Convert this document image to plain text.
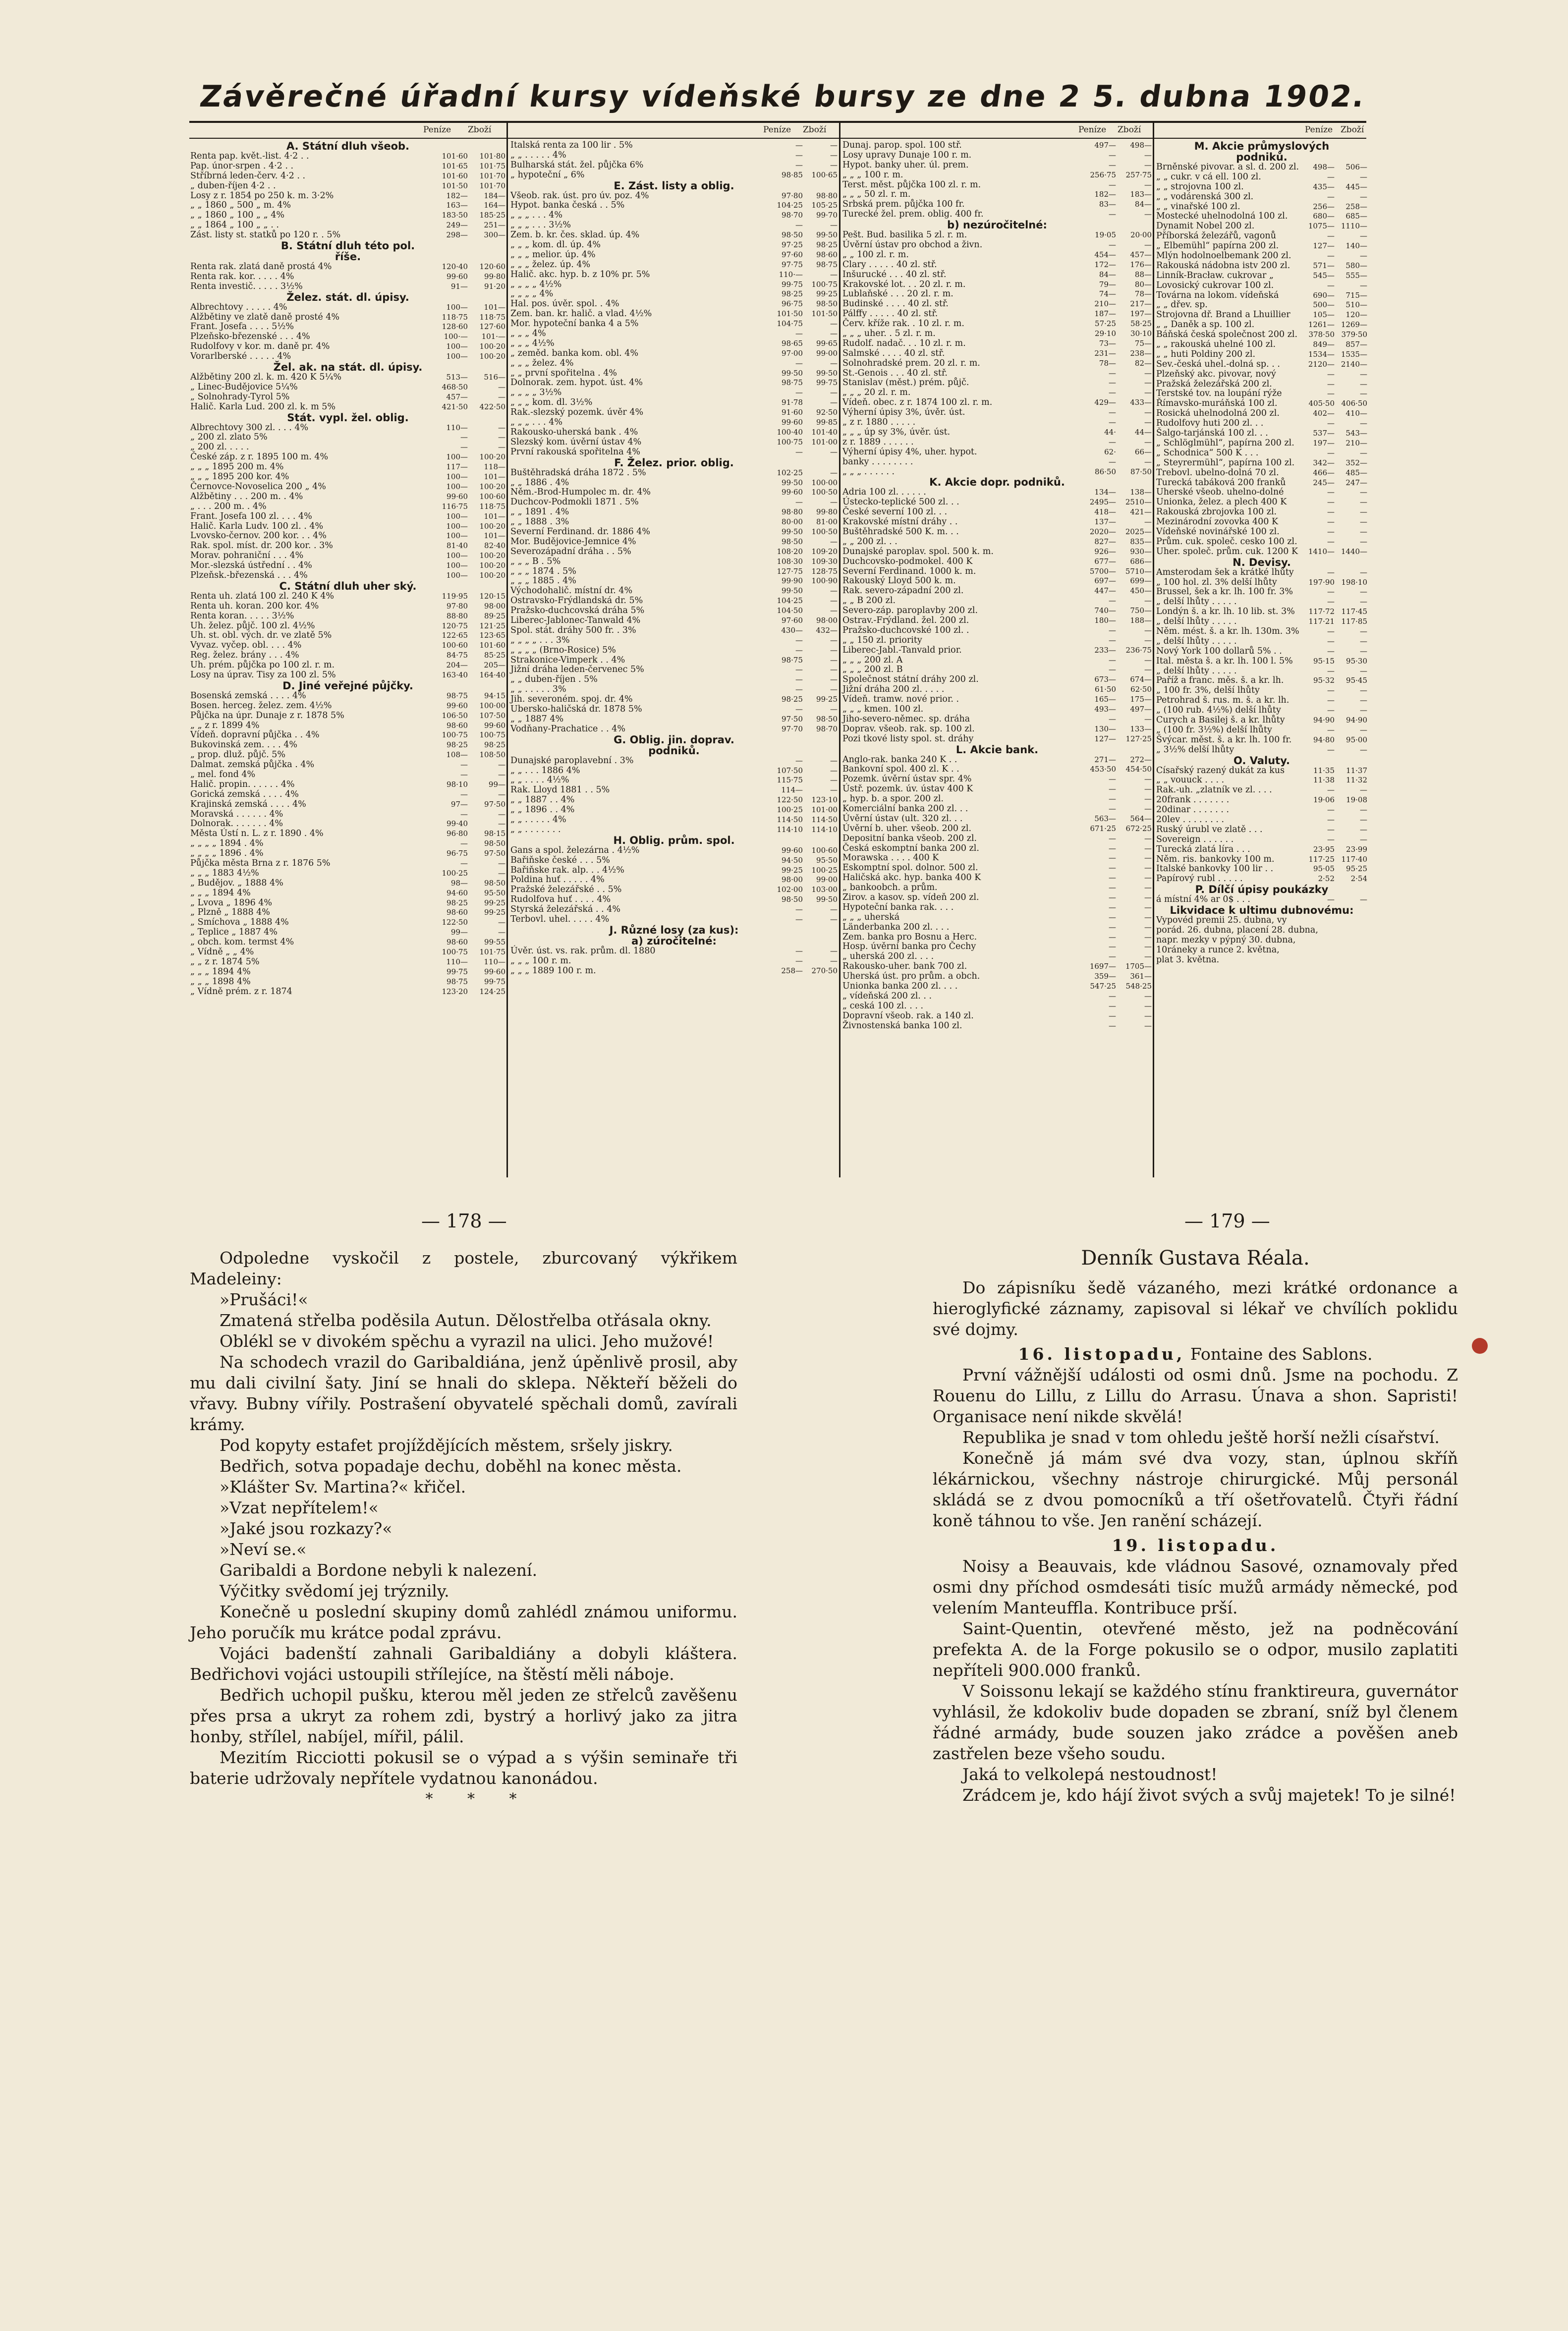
Závěrečné úřadní kursy vídeňské bursy ze dne 2 5. dubna 1902.
Peníze Zboží	Peníze Zboží	Peníze Zboží	Peníze Zboží
A. Státní dluh všeob.
Renta pap. květ.-list. 4·2 . .	101·60	101·80
Pap. únor-srpen . 4·2 . .	101·65	101·75
Stříbrná leden-červ. 4·2 . .	101·60	101·70
„ duben-říjen 4·2 . .	101·50	101·70
Losy z r. 1854 po 250 k. m. 3·2%	182—	184—
„ „ 1860 „ 500 „ m. 4%	163—	164—
„ „ 1860 „ 100 „ „ 4%	183·50	185·25
„ „ 1864 „ 100 „ „ . .	249—	251—
Zást. listy st. statků po 120 r. . 5%	298—	300—
B. Státní dluh této pol.
říše.
Renta rak. zlatá daně prostá 4%	120·40	120·60
Renta rak. kor. . . . . 4%	99·60	99·80
Renta investič. . . . . 3½%	91—	91·20
Želez. stát. dl. úpisy.
Albrechtovy . . . . . 4%	100—	101—
Alžbětiny ve zlatě daně prosté 4%	118·75	118·75
Frant. Josefa . . . . 5½%	128·60	127·60
Plzeňsko-březenské . . . 4%	100·—	101·—
Rudolfovy v kor. m. daně pr. 4%	100—	100·20
Vorarlberské . . . . . 4%	100—	100·20
Žel. ak. na stát. dl. úpisy.
Alžbětiny 200 zl. k. m. 420 K 5¼%	513—	516—
„ Linec-Budějovice 5¼%	468·50	—
„ Solnohrady-Tyrol 5%	457—	—
Halič. Karla Lud. 200 zl. k. m 5%	421·50	422·50
Stát. vypl. žel. oblig.
Albrechtovy 300 zl. . . . 4%	110—	—
„ 200 zl. zlato 5%	—	—
„ 200 zl. . . . .	—	—
České záp. z r. 1895 100 m. 4%	100—	100·20
„ „ „ 1895 200 m. 4%	117—	118—
„ „ „ 1895 200 kor. 4%	100—	101—
Černovce-Novoselica 200 „ 4%	100—	100·20
Alžbětiny . . . 200 m. . 4%	99·60	100·60
„ . . . 200 m. . 4%	116·75	118·75
Frant. Josefa 100 zl. . . . 4%	100—	101—
Halič. Karla Ludv. 100 zl. . 4%	100—	100·20
Lvovsko-černov. 200 kor. . . 4%	100—	101—
Rak. spol. míst. dr. 200 kor. . 3%	81·40	82·40
Morav. pohraniční . . . 4%	100—	100·20
Mor.-slezská ústřední . . 4%	100—	100·20
Plzeňsk.-březenská . . . 4%	100—	100·20
C. Státní dluh uher ský.
Renta uh. zlatá 100 zl. 240 K 4%	119·95	120·15
Renta uh. koran. 200 kor. 4%	97·80	98·00
Renta koran. . . . . 3½%	88·80	89·25
Uh. želez. půjč. 100 zl. 4½%	120·75	121·25
Uh. st. obl. vých. dr. ve zlatě 5%	122·65	123·65
Vyvaz. vyčep. obl. . . . 4%	100·60	101·60
Reg. želez. brány . . . 4%	84·75	85·25
Uh. prém. půjčka po 100 zl. r. m.	204—	205—
Losy na úprav. Tisy za 100 zl. 5%	163·40	164·40
D. Jiné veřejné půjčky.
Bosenská zemská . . . . 4%	98·75	94·15
Bosen. herceg. želez. zem. 4½%	99·60	100·00
Půjčka na úpr. Dunaje z r. 1878 5%	106·50	107·50
„ „ z r. 1899 4%	98·60	99·60
Vídeň. dopravní půjčka . . 4%	100·75	100·75
Bukovinská zem. . . . 4%	98·25	98·25
„ prop. dluž. půjč. 5%	108—	108·50
Dalmat. zemská půjčka . 4%	—	—
„ mel. fond 4%	—	—
Halič. propin. . . . . . 4%	98·10	99—
Gorická zemská . . . . 4%	—	—
Krajinská zemská . . . . 4%	97—	97·50
Moravská . . . . . . 4%	—	—
Dolnorak. . . . . . . 4%	99·40	—
Města Ústí n. L. z r. 1890 . 4%	96·80	98·15
„ „ „ „ 1894 . 4%	—	98·50
„ „ „ „ 1896 . 4%	96·75	97·50
Půjčka města Brna z r. 1876 5%	—	—
„ „ „ 1883 4½%	100·25	—
„ Budějov. „ 1888 4%	98—	98·50
„ „ „ 1894 4%	94·60	95·50
„ Lvova „ 1896 4%	98·25	99·25
„ Plzně „ 1888 4%	98·60	99·25
„ Smíchova „ 1888 4%	122·50	—
„ Teplice „ 1887 4%	99—	—
„ obch. kom. termst 4%	98·60	99·55
„ Vídně „ „ 4%	100·75	101·75
„ „ z r. 1874 5%	110—	110—
„ „ „ 1894 4%	99·75	99·60
„ „ „ 1898 4%	98·75	99·75
„ Vídně prém. z r. 1874	123·20	124·25
Italská renta za 100 lir . 5%	—	—
„ „ . . . . . 4%	—	—
Bulharská stát. žel. půjčka 6%	—	—
„ hypoteční „ 6%	98·85	100·65
E. Zást. listy a oblig.
Všeob. rak. úst. pro úv. poz. 4%	97·80	98·80
Hypot. banka česká . . 5%	104·25	105·25
„ „ „ . . . 4%	98·70	99·70
„ „ „ . . . 3½%	—	—
Zem. b. kr. čes. sklad. úp. 4%	98·50	99·50
„ „ „ kom. dl. úp. 4%	97·25	98·25
„ „ „ melior. úp. 4%	97·60	98·60
„ „ „ želez. úp. 4%	97·75	98·75
Halič. akc. hyp. b. z 10% pr. 5%	110·—	—
„ „ „ „ 4½%	99·75	100·75
„ „ „ „ 4%	98·25	99·25
Hal. pos. úvěr. spol. . 4%	96·75	98·50
Zem. ban. kr. halič. a vlad. 4½%	101·50	101·50
Mor. hypoteční banka 4 a 5%	104·75	—
„ „ „ 4%	—	—
„ „ „ 4½%	98·65	99·65
„ zeměd. banka kom. obl. 4%	97·00	99·00
„ „ „ želez. 4%	—	—
„ „ první spořitelna . 4%	99·50	99·50
Dolnorak. zem. hypot. úst. 4%	98·75	99·75
„ „ „ „ 3½%	—	—
„ „ „ kom. dl. 3½%	91·78	—
Rak.-slezský pozemk. úvěr 4%	91·60	92·50
„ „ „ . . . 4%	99·60	99·85
Rakousko-uherská bank . 4%	100·40	101·40
Slezský kom. úvěrní ústav 4%	100·75	101·00
První rakouská spořitelna 4%	—	—
F. Želez. prior. oblig.
Buštěhradská dráha 1872 . 5%	102·25	—
„ „ 1886 . 4%	99·50	100·00
Něm.-Brod-Humpolec m. dr. 4%	99·60	100·50
Duchcov-Podmokli 1871 . 5%	—	—
„ „ 1891 . 4%	98·80	99·80
„ „ 1888 . 3%	80·00	81·00
Severní Ferdinand. dr. 1886 4%	99·50	100·50
Mor. Budějovice-Jemnice 4%	98·50	—
Severozápadní dráha . . 5%	108·20	109·20
„ „ „ B . 5%	108·30	109·30
„ „ „ 1874 . 5%	127·75	128·75
„ „ „ 1885 . 4%	99·90	100·90
Východohalič. místní dr. 4%	99·50	—
Ostravsko-Frýdlandská dr. 5%	104·25	—
Pražsko-duchcovská dráha 5%	104·50	—
Liberec-Jablonec-Tanwald 4%	97·60	98·00
Spol. stát. dráhy 500 fr. . 3%	430—	432—
„ „ „ „ . . . 3%	—	—
„ „ „ „ (Brno-Rosice) 5%	—	—
Strakonice-Vimperk . . 4%	98·75	—
Jižní dráha leden-červenec 5%	—	—
„ „ duben-říjen . 5%	—	—
„ „ . . . . . 3%	—	—
Jih. severoném. spoj. dr. 4%	98·25	99·25
Ubersko-haličská dr. 1878 5%	—	—
„ „ 1887 4%	97·50	98·50
Vodňany-Prachatice . . 4%	97·70	98·70
G. Oblig. jin. doprav.
podniků.
Dunajské paroplavební . 3%	—	—
„ „ . . . 1886 4%	107·50	—
„ „ . . . . 4½%	115·75	—
Rak. Lloyd 1881 . . 5%	114—	—
„ „ 1887 . . 4%	122·50	123·10
„ „ 1896 . . 4%	100·25	101·00
„ „ . . . . . 4%	114·50	114·50
„ „ . . . . . . .	114·10	114·10
H. Oblig. prům. spol.
Gans a spol. železárna . 4½%	99·60	100·60
Bařiňske české . . . 5%	94·50	95·50
Bařiňske rak. alp. . . 4½%	99·25	100·25
Poldina huť . . . . . 4%	98·00	99·00
Pražské železářské . . 5%	102·00	103·00
Rudolfova huť . . . . 4%	98·50	99·50
Styrská železářská . . 4%	—	—
Terbovl. uhel. . . . . 4%	—	—
J. Různé losy (za kus):
a) zúročitelné:
Úvěr. úst. vs. rak. prům. dl. 1880	—	—
„ „ „ 100 r. m.	—	—
„ „ „ 1889 100 r. m.	258—	270·50
Dunaj. parop. spol. 100 stř.	497—	498—
Losy upravy Dunaje 100 r. m.	—	—
Hypot. banky uher. úl. prem.	—	—
„ „ „ 100 r. m.	256·75	257·75
Terst. měst. půjčka 100 zl. r. m.	—	—
„ „ „ 50 zl. r. m.	182—	183—
Srbská prem. půjčka 100 fr.	83—	84—
Turecké žel. prem. oblig. 400 fr.	—	—
b) nezúročitelné:
Pešt. Bud. basilika 5 zl. r. m.	19·05	20·00
Úvěrní ústav pro obchod a živn.	—	—
„ „ 100 zl. r. m.	454—	457—
Clary . . . . . 40 zl. stř.	172—	176—
Inšurucké . . . 40 zl. stř.	84—	88—
Krakovské lot. . . 20 zl. r. m.	79—	80—
Lublaňské . . . 20 zl. r. m.	74—	78—
Budinské . . . . 40 zl. stř.	210—	217—
Pálffy . . . . . 40 zl. stř.	187—	197—
Červ. kříže rak. . 10 zl. r. m.	57·25	58·25
„ „ „ uher. . 5 zl. r. m.	29·10	30·10
Rudolf. nadač. . . 10 zl. r. m.	73—	75—
Salmské . . . . 40 zl. stř.	231—	238—
Solnohradské prem. 20 zl. r. m.	78—	82—
St.-Genois . . . 40 zl. stř.	—	—
Stanislav (měst.) prém. půjč.	—	—
„ „ „ 20 zl. r. m.	—	—
Vídeň. obec. z r. 1874 100 zl. r. m.	429—	433—
Výherní úpisy 3%, úvěr. úst.	—	—
„ z r. 1880 . . . . .	—	—
„ „ „ úp sy 3%, úvěr. úst.	44·	44—
z r. 1889 . . . . . .	—	—
Výherní úpisy 4%, uher. hypot.	62·	66—
banky . . . . . . . .	—	—
„ „ „ . . . . . .	86·50	87·50
K. Akcie dopr. podniků.
Adria 100 zl. . . . . .	134—	138—
Ústecko-teplické 500 zl. . .	2495—	2510—
České severní 100 zl. . .	418—	421—
Krakovské místní dráhy . .	137—	—
Buštěhradské 500 K. m. . .	2020—	2025—
„ „ 200 zl. . .	827—	835—
Dunajské paroplav. spol. 500 k. m.	926—	930—
Duchcovsko-podmokel. 400 K	677—	686—
Severní Ferdinand. 1000 k. m.	5700—	5710—
Rakouský Lloyd 500 k. m.	697—	699—
Rak. severo-západní 200 zl.	447—	450—
„ „ B 200 zl.	—	—
Severo-záp. paroplavby 200 zl.	740—	750—
Ostrav.-Frýdland. žel. 200 zl.	180—	188—
Pražsko-duchcovské 100 zl. .	—	—
„ „ 150 zl. priority	—	—
Liberec-Jabl.-Tanvald prior.	233—	236·75
„ „ „ 200 zl. A	—	—
„ „ „ 200 zl. B	—	—
Společnost státní dráhy 200 zl.	673—	674—
Jižní dráha 200 zl. . . . .	61·50	62·50
Vídeň. tramw. nové prior. .	165—	175—
„ „ „ kmen. 100 zl.	493—	497—
Jiho-severo-němec. sp. dráha	—	—
Doprav. všeob. rak. sp. 100 zl.	130—	133—
Pozi tkové listy spol. st. dráhy	127—	127·25
L. Akcie bank.
Anglo-rak. banka 240 K . .	271—	272—
Bankovní spol. 400 zl. K . .	453·50	454·50
Pozemk. úvěrní ústav spr. 4%	—	—
Ústř. pozemk. úv. ústav 400 K	—	—
„ hyp. b. a spor. 200 zl.	—	—
Komerciální banka 200 zl. . .	—	—
Úvěrní ústav (ult. 320 zl. . .	563—	564—
Úvěrní b. uher. všeob. 200 zl.	671·25	672·25
Depositní banka všeob. 200 zl.	—	—
Česká eskomptní banka 200 zl.	—	—
Morawska . . . . 400 K	—	—
Eskomptní spol. dolnor. 500 zl.	—	—
Haličská akc. hyp. banka 400 K	—	—
„ bankoobch. a prům.	—	—
Zirov. a kasov. sp. vídeň 200 zl.	—	—
Hypoteční banka rak. . . .	—	—
„ „ „ uherská	—	—
Länderbanka 200 zl. . . .	—	—
Zem. banka pro Bosnu a Herc.	—	—
Hosp. úvěrní banka pro Čechy	—	—
„ uherská 200 zl. . . .	—	—
Rakousko-uher. bank 700 zl.	1697—	1705—
Uherská úst. pro prům. a obch.	359—	361—
Unionka banka 200 zl. . . .	547·25	548·25
„ vídeňská 200 zl. . .	—	—
„ ceská 100 zl. . . .	—	—
Dopravní všeob. rak. a 140 zl.	—	—
Živnostenská banka 100 zl.	—	—
M. Akcie průmyslových
podniků.
Brněnské pivovar. a sl. d. 200 zl.	498—	506—
„ „ cukr. v cá ell. 100 zl.	—	—
„ „ strojovna 100 zl.	435—	445—
„ „ vodárenská 300 zl.	—	—
„ „ vinařské 100 zl.	256—	258—
Mostecké uhelnodolná 100 zl.	680—	685—
Dynamit Nobel 200 zl.	1075— 1110—
Příborská železářů, vagonů	—	—
„ Elbemühl“ papírna 200 zl.	127—	140—
Mlýn hodolnoelbemank 200 zl.	—	—
Rakouská nádobna istv 200 zl.	571—	580—
Linník-Bracław. cukrovar „	545—	555—
Lovosický cukrovar 100 zl.	—	—
Továrna na lokom. vídeňská	690—	715—
„ „ dřev. sp.	500—	510—
Strojovna dř. Brand a Lhuillier	105—	120—
„ „ Daněk a sp. 100 zl.	1261— 1269—
Báňská česká společnost 200 zl.	378·50 379·50
„ „ rakouská uhelné 100 zl.	849—	857—
„ „ huti Poldiny 200 zl.	1534— 1535—
Sev.-česká uhel.-dolná sp. . .	2120— 2140—
Plzeňský akc. pivovar, nový	—	—
Pražská železářská 200 zl.	—	—
Terstské tov. na loupání rýže	—	—
Římavsko-muráňská 100 zl.	405·50 406·50
Rosická uhelnodolná 200 zl.	402—	410—
Rudolfovy huti 200 zl. . .	—	—
Šalgo-tarjánská 100 zl. . .	537—	543—
„ Schlöglmühl“, papírna 200 zl.	197—	210—
„ Schodnica“ 500 K . . .	—	—
„ Steyrermühl“, papírna 100 zl.	342—	352—
Trebovl. ubelno-dolná 70 zl.	466—	485—
Turecká tabáková 200 franků	245—	247—
Uherské všeob. uhelno-dolné	—	—
Unionka, želez. a plech 400 K	—	—
Rakouská zbrojovka 100 zl.	—	—
Mezinárodní zovovka 400 K	—	—
Vídeňské novinářské 100 zl.	—	—
Prům. cuk. společ. cesko 100 zl.	—	—
Uher. společ. prům. cuk. 1200 K	1410— 1440—
N. Devisy.
Amsterodam šek a krátké lhůty	—	—
„ 100 hol. zl. 3% delší lhůty	197·90 198·10
Brussel, šek a kr. lh. 100 fr. 3%	—	—
„ delší lhůty . . . . .	—	—
Londýn š. a kr. lh. 10 lib. st. 3%	117·72 117·45
„ delší lhůty . . . . .	117·21 117·85
Něm. mést. š. a kr. lh. 130m. 3%	—	—
„ delší lhůty . . . . .	—	—
Nový York 100 dollarů 5% . .	—	—
Ital. města š. a kr. lh. 100 l. 5%	95·15	95·30
„ delší lhůty . . . . .	—	—
Paříž a franc. měs. š. a kr. lh.	95·32	95·45
„ 100 fr. 3%, delší lhůty	—	—
Petrohrad š. rus. m. š. a kr. lh.	—	—
„ (100 rub. 4½%) delší lhůty	—	—
Curych a Basilej š. a kr. lhůty	94·90	94·90
„ (100 fr. 3½%) delší lhůty	—	—
Švýcar. měst. š. a kr. lh. 100 fr.	94·80	95·00
„ 3½% delší lhůty	—	—
O. Valuty.
Císařský razený dukát za kus	11·35	11·37
„ „ vouuck . . . .	11·38	11·32
Rak.-uh. „zlatník ve zl. . . .	—	—
20frank . . . . . . .	19·06	19·08
20dinar . . . . . . .	—	—
20lev . . . . . . . .	—	—
Ruský úrubl ve zlatě . . .	—	—
Sovereign . . . . . .	—	—
Turecká zlatá líra . . .	23·95	23·99
Něm. ris. bankovky 100 m.	117·25 117·40
Italské bankovky 100 lir . .	95·05	95·25
Papírový rubl . . . . .	2·52	2·54
P. Dílčí úpisy poukázky
á místní 4% ar 0$ . . .	—	—
Likvidace k ultimu dubnovému:
Vypovéd premii 25. dubna, vy
porád. 26. dubna, placení 28. dubna,
napr. mezky v pýpný 30. dubna,
10ráneky a runce 2. května,
plat 3. května.
— 178 —	— 179 —

Odpoledne vyskočil z postele, zburcovaný výkřikem Madeleiny:

»Prušáci!«

Zmatená střelba poděsila Autun. Dělostřelba otřásala okny.

Oblékl se v divokém spěchu a vyrazil na ulici. Jeho mužové!

Na schodech vrazil do Garibaldiána, jenž úpěnlivě prosil, aby mu dali civilní šaty. Jiní se hnali do sklepa. Někteří běželi do vřavy. Bubny vířily. Postrašení obyvatelé spěchali domů, zavírali krámy.

Pod kopyty estafet projíždějících městem, sršely jiskry.

Bedřich, sotva popadaje dechu, doběhl na konec města.

»Klášter Sv. Martina?« křičel.

»Vzat nepřítelem!«

»Jaké jsou rozkazy?«

»Neví se.«

Garibaldi a Bordone nebyli k nalezení.

Výčitky svědomí jej trýznily.

Konečně u poslední skupiny domů zahlédl známou uniformu. Jeho poručík mu krátce podal zprávu.

Vojáci badenští zahnali Garibaldiány a dobyli kláštera. Bedřichovi vojáci ustoupili střílejíce, na štěstí měli náboje.

Bedřich uchopil pušku, kterou měl jeden ze střelců zavěšenu přes prsa a ukryt za rohem zdi, bystrý a horlivý jako za jitra honby, střílel, nabíjel, mířil, pálil.

Mezitím Ricciotti pokusil se o výpad a s výšin seminaře tři baterie udržovaly nepřítele vydatnou kanonádou.

* * *

Denník Gustava Réala.

Do zápisníku šedě vázaného, mezi krátké ordonance a hieroglyfické záznamy, zapisoval si lékař ve chvílích poklidu své dojmy.

16. listopadu, Fontaine des Sablons.

První vážnější události od osmi dnů. Jsme na pochodu. Z Rouenu do Lillu, z Lillu do Arrasu. Únava a shon. Sapristi! Organisace není nikde skvělá!

Republika je snad v tom ohledu ještě horší nežli císařství.

Konečně já mám své dva vozy, stan, úplnou skříň lékárnickou, všechny nástroje chirurgické. Můj personál skládá se z dvou pomocníků a tří ošetřovatelů. Čtyři řádní koně táhnou to vše. Jen ranění scházejí.

19. listopadu.

Noisy a Beauvais, kde vládnou Sasové, oznamovaly před osmi dny příchod osmdesáti tisíc mužů armády německé, pod velením Manteuffla. Kontribuce prší.

Saint-Quentin, otevřené město, jež na podněcování prefekta A. de la Forge pokusilo se o odpor, musilo zaplatiti nepříteli 900.000 franků.

V Soissonu lekají se každého stínu franktireura, guvernátor vyhlásil, že kdokoliv bude dopaden se zbraní, sníž byl členem řádné armády, bude souzen jako zrádce a pověšen aneb zastřelen beze všeho soudu.

Jaká to velkolepá nestoudnost!

Zrádcem je, kdo hájí život svých a svůj majetek! To je silné!
